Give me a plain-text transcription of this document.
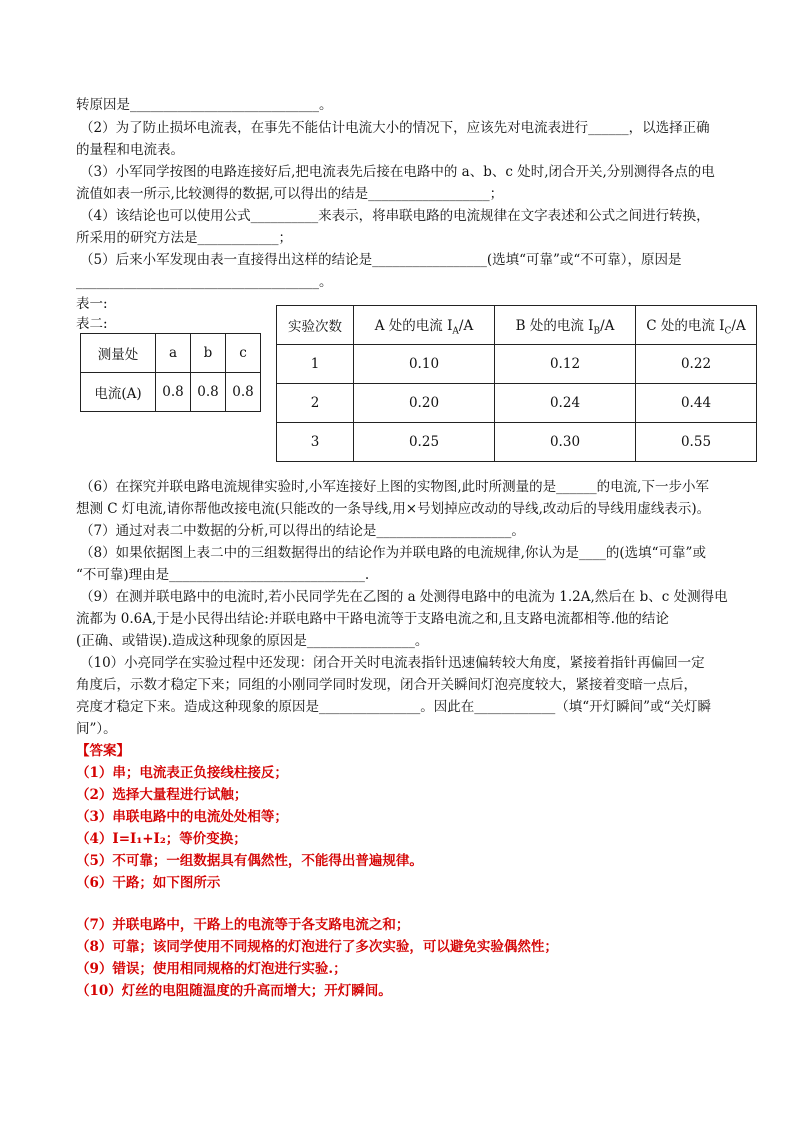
转原因是____________________________。
（2）为了防止损坏电流表，在事先不能估计电流大小的情况下，应该先对电流表进行______，以选择正确
的量程和电流表。
（3）小军同学按图的电路连接好后,把电流表先后接在电路中的 a、b、c 处时,闭合开关,分别测得各点的电
流值如表一所示,比较测得的数据,可以得出的结是__________________；
（4）该结论也可以使用公式__________来表示，将串联电路的电流规律在文字表述和公式之间进行转换，
所采用的研究方法是____________；
（5）后来小军发现由表一直接得出这样的结论是_________________(选填“可靠”或“不可靠），原因是
____________________________________。
表一:
表二:
测量处	a	b	c
电流(A)	0.8	0.8	0.8
实验次数	A 处的电流 $I_A/A$	B 处的电流 $I_B/A$	C 处的电流 $I_C/A$
1	0.10	0.12	0.22
2	0.20	0.24	0.44
3	0.25	0.30	0.55
（6）在探究并联电路电流规律实验时,小军连接好上图的实物图,此时所测量的是______的电流,下一步小军
想测 C 灯电流,请你帮他改接电流(只能改的一条导线,用×号划掉应改动的导线,改动后的导线用虚线表示)。
（7）通过对表二中数据的分析,可以得出的结论是____________________。
（8）如果依据图上表二中的三组数据得出的结论作为并联电路的电流规律,你认为是____的(选填“可靠”或
“不可靠)理由是_____________________________.
（9）在测并联电路中的电流时,若小民同学先在乙图的 a 处测得电路中的电流为 1.2A,然后在 b、c 处测得电
流都为 0.6A,于是小民得出结论:并联电路中干路电流等于支路电流之和,且支路电流都相等.他的结论
(正确、或错误).造成这种现象的原因是________________。
（10）小亮同学在实验过程中还发现：闭合开关时电流表指针迅速偏转较大角度，紧接着指针再偏回一定
角度后，示数才稳定下来；同组的小刚同学同时发现，闭合开关瞬间灯泡亮度较大，紧接着变暗一点后，
亮度才稳定下来。造成这种现象的原因是_______________。因此在____________（填“开灯瞬间”或“关灯瞬
间”）。
【答案】
（1）串；电流表正负接线柱接反；
（2）选择大量程进行试触；
（3）串联电路中的电流处处相等；
（4）I=I₁+I₂；等价变换；
（5）不可靠；一组数据具有偶然性，不能得出普遍规律。
（6）干路；如下图所示
（7）并联电路中，干路上的电流等于各支路电流之和；
（8）可靠；该同学使用不同规格的灯泡进行了多次实验，可以避免实验偶然性；
（9）错误；使用相同规格的灯泡进行实验.；
（10）灯丝的电阻随温度的升高而增大；开灯瞬间。
